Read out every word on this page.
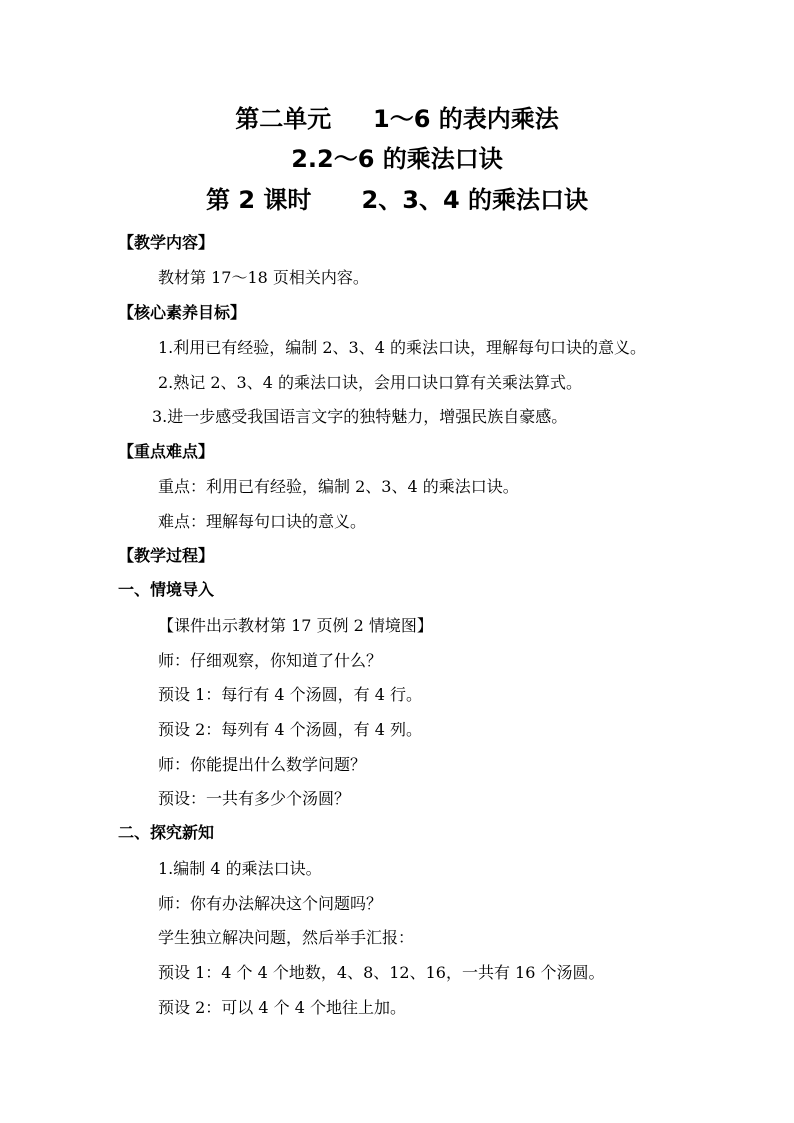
第二单元     1～6 的表内乘法
2.2～6 的乘法口诀
第 2 课时      2、3、4 的乘法口诀
【教学内容】
教材第 17～18 页相关内容。
【核心素养目标】
1.利用已有经验，编制 2、3、4 的乘法口诀，理解每句口诀的意义。
2.熟记 2、3、4 的乘法口诀，会用口诀口算有关乘法算式。
3.进一步感受我国语言文字的独特魅力，增强民族自豪感。
【重点难点】
重点：利用已有经验，编制 2、3、4 的乘法口诀。
难点：理解每句口诀的意义。
【教学过程】
一、情境导入
【课件出示教材第 17 页例 2 情境图】
师：仔细观察，你知道了什么？
预设 1：每行有 4 个汤圆，有 4 行。
预设 2：每列有 4 个汤圆，有 4 列。
师：你能提出什么数学问题？
预设：一共有多少个汤圆？
二、探究新知
1.编制 4 的乘法口诀。
师：你有办法解决这个问题吗？
学生独立解决问题，然后举手汇报：
预设 1：4 个 4 个地数，4、8、12、16，一共有 16 个汤圆。
预设 2：可以 4 个 4 个地往上加。
